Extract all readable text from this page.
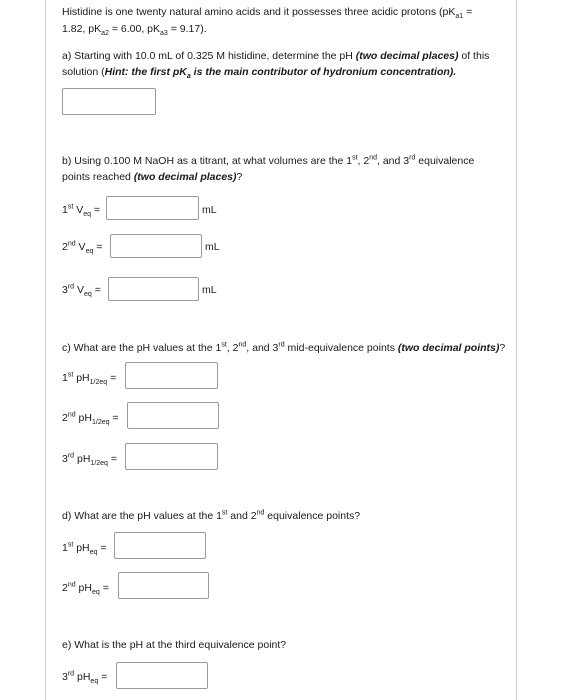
Histidine is one twenty natural amino acids and it possesses three acidic protons ($pK_{a1}$ =
1.82, $pK_{a2} = 6.00$, $pK_{a3} = 9.17$).
a) Starting with 10.0 mL of 0.325 M histidine, determine the pH (two decimal places) of this
solution (Hint: the first $pK_a$ is the main contributor of hydronium concentration).
b) Using 0.100 M NaOH as a titrant, at what volumes are the 1st, 2nd, and 3rd equivalence
points reached (two decimal places)?
1st $V_{eq}$ =	mL
2nd $V_{eq}$ =	mL
3rd $V_{eq}$ =	mL
c) What are the pH values at the 1st, 2nd, and 3rd mid-equivalence points (two decimal points)?
1st $pH_{1/2eq}$ =
2nd $pH_{1/2eq}$ =
3rd $pH_{1/2eq}$ =
d) What are the pH values at the 1st and 2nd equivalence points?
1st $pH_{eq}$ =
2nd $pH_{eq}$ =
e) What is the pH at the third equivalence point?
3rd $pH_{eq}$ =
